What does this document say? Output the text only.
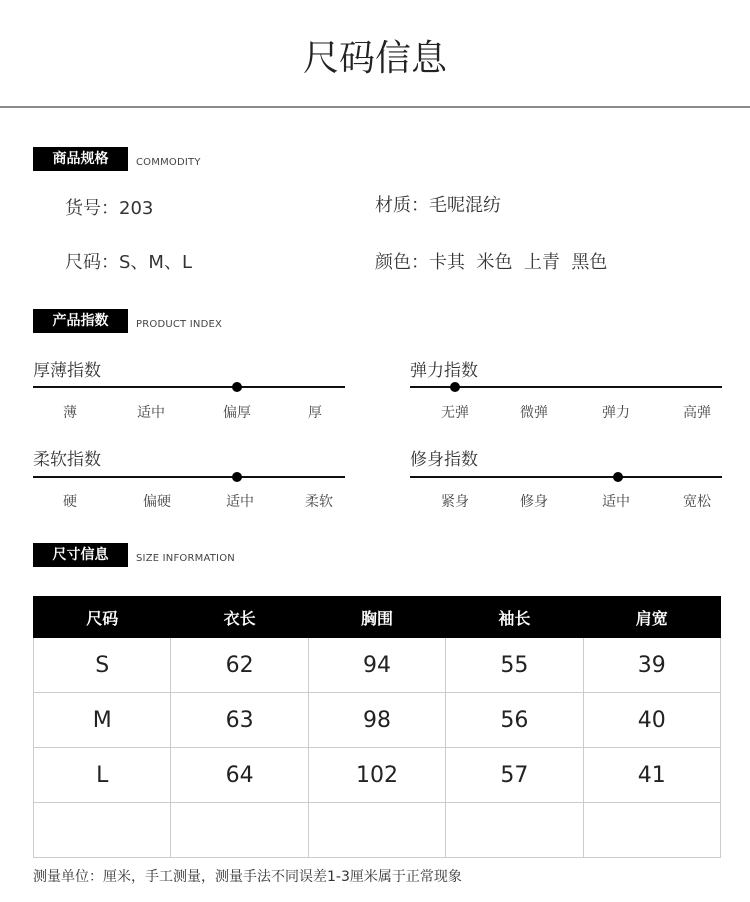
尺码信息
商品规格	COMMODITY
货号：203	材质：毛呢混纺
尺码：S、M、L	颜色：卡其  米色  上青  黑色
产品指数	PRODUCT INDEX
厚薄指数
薄	适中	偏厚	厚
弹力指数
无弹	微弹	弹力	高弹
柔软指数
硬	偏硬	适中	柔软
修身指数
紧身	修身	适中	宽松
尺寸信息	SIZE INFORMATION
尺码	衣长	胸围	袖长	肩宽
S	62	94	55	39
M	63	98	56	40
L	64	102	57	41

测量单位：厘米，手工测量，测量手法不同误差1-3厘米属于正常现象
